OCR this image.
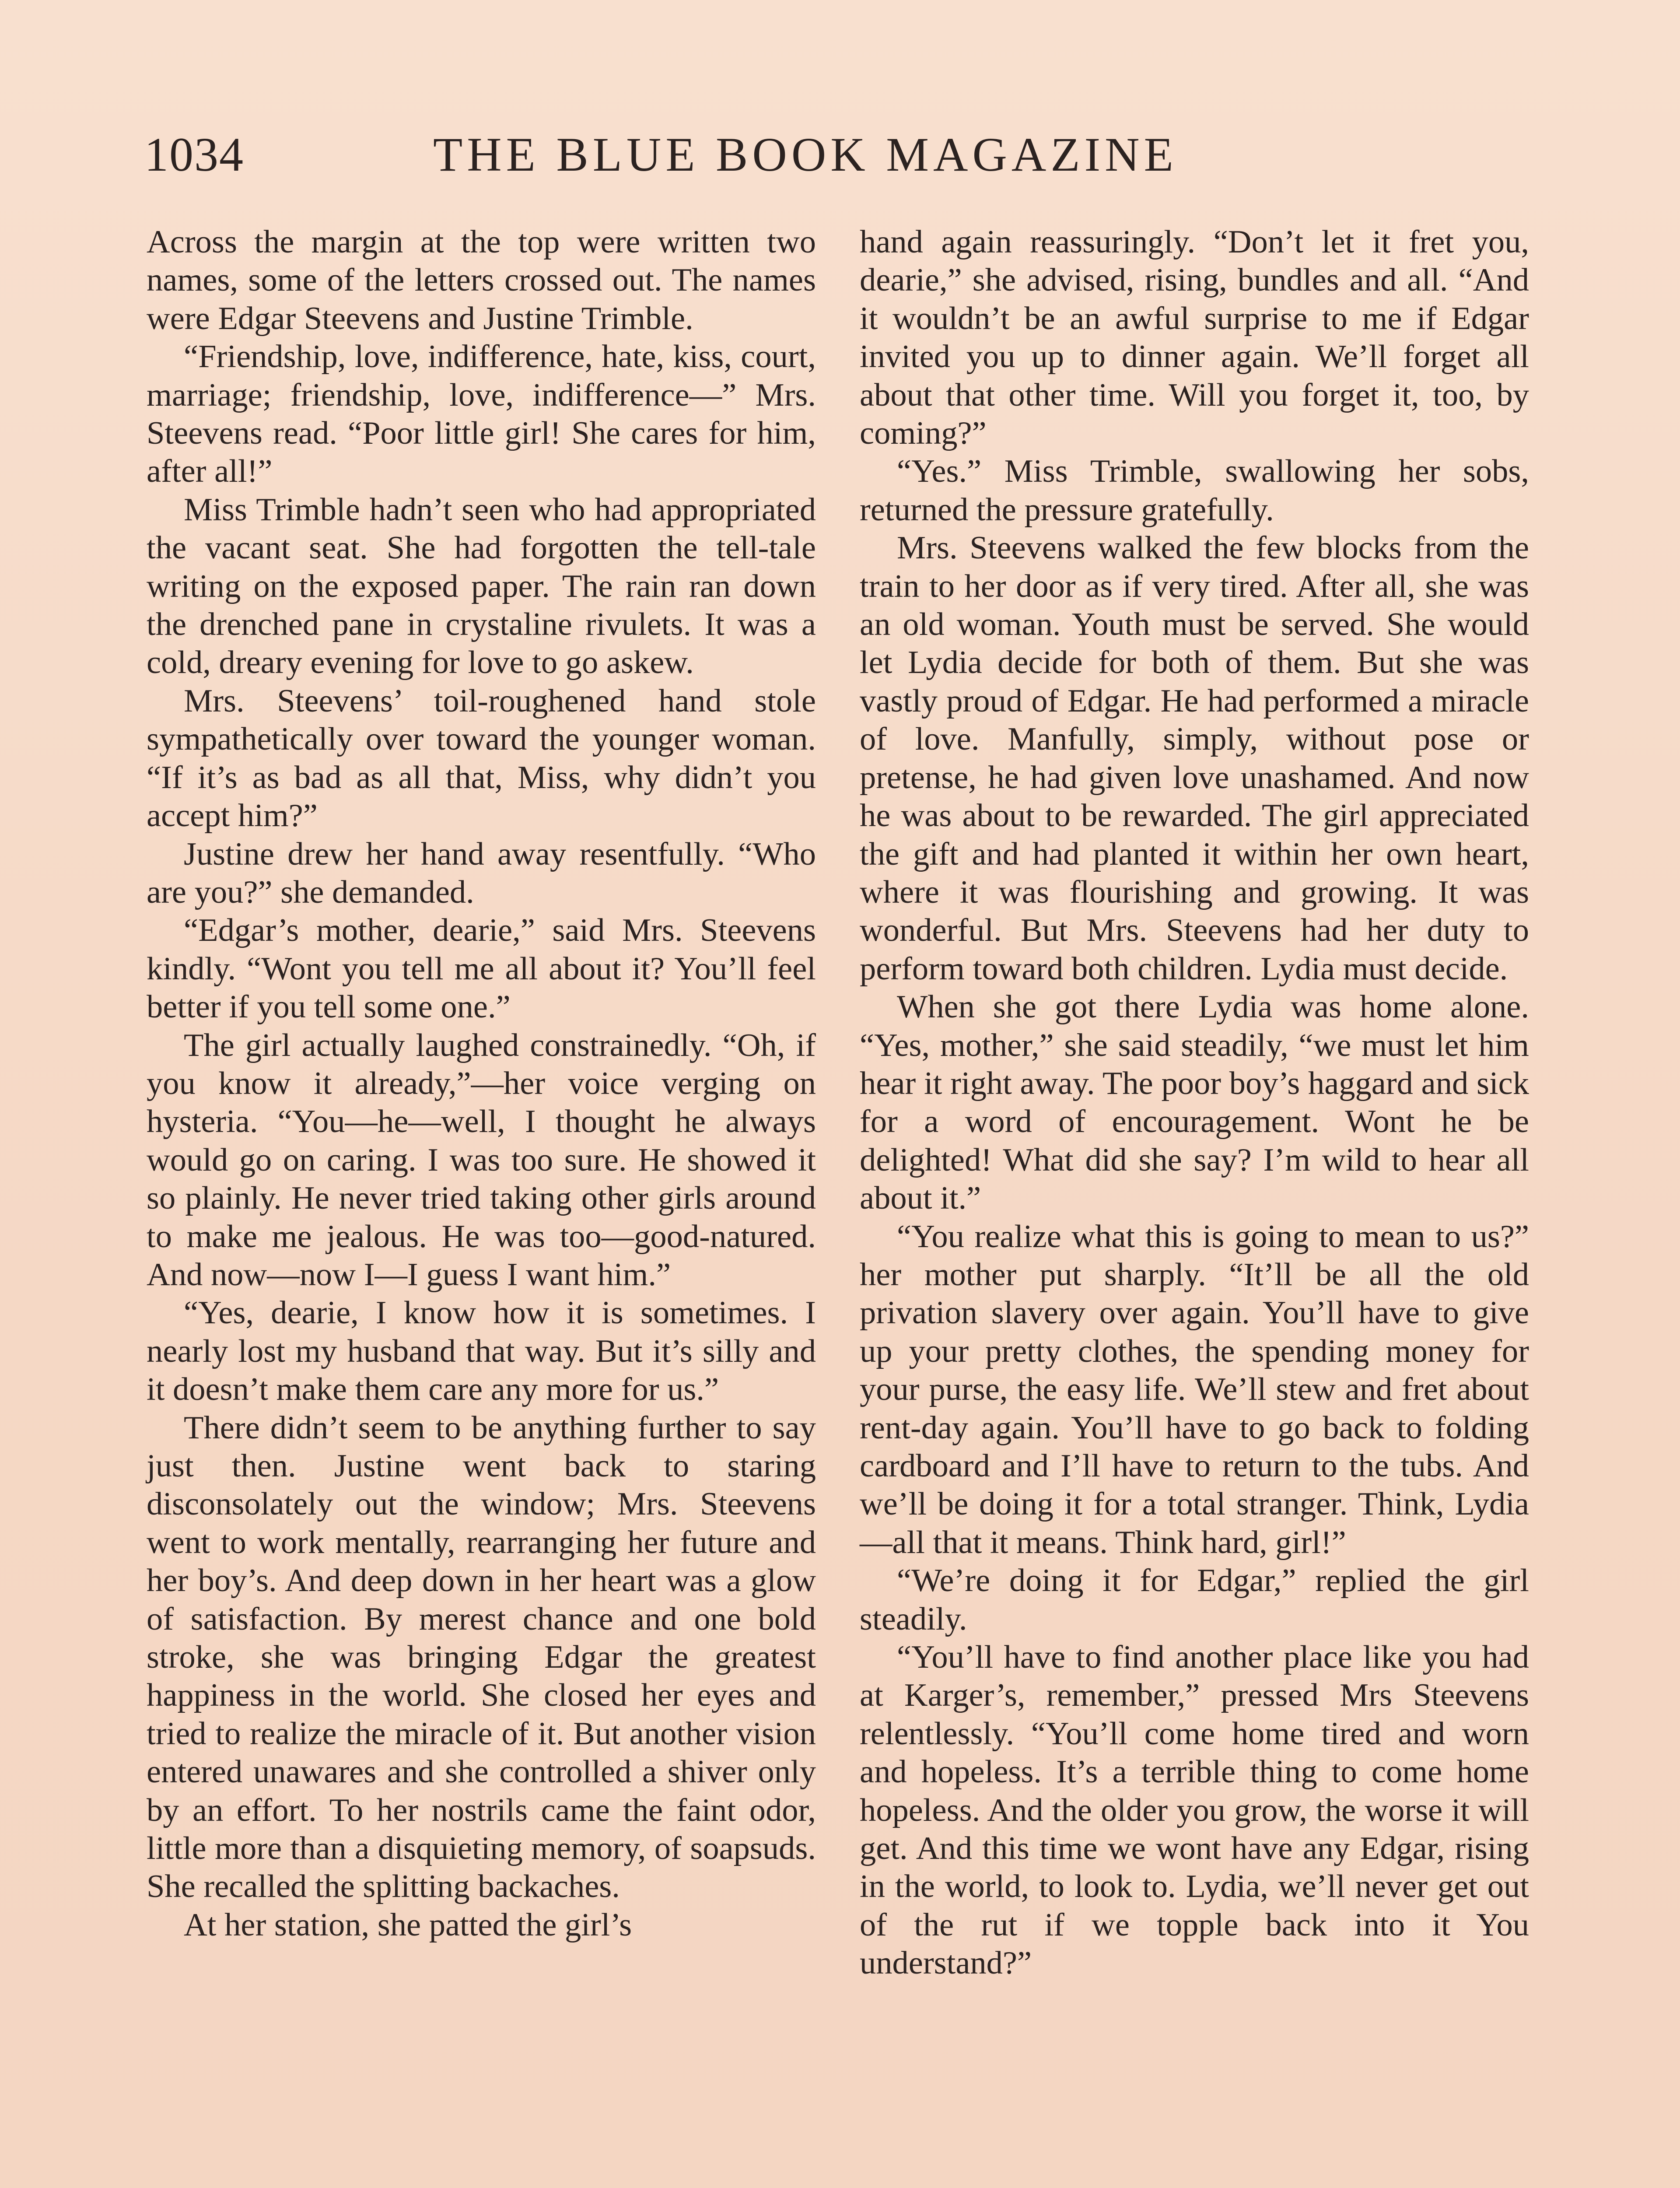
1034	THE BLUE BOOK MAGAZINE

Across the margin at the top were written two names, some of the letters crossed out. The names were Edgar Steevens and Justine Trimble.

“Friendship, love, indifference, hate, kiss, court, marriage; friendship, love, indifference—” Mrs. Steevens read. “Poor little girl! She cares for him, after all!”

Miss Trimble hadn’t seen who had appropriated the vacant seat. She had forgotten the tell-tale writing on the exposed paper. The rain ran down the drenched pane in crystaline rivulets. It was a cold, dreary evening for love to go askew.

Mrs. Steevens’ toil-roughened hand stole sympathetically over toward the younger woman. “If it’s as bad as all that, Miss, why didn’t you accept him?”

Justine drew her hand away resentfully. “Who are you?” she demanded.

“Edgar’s mother, dearie,” said Mrs. Steevens kindly. “Wont you tell me all about it? You’ll feel better if you tell some one.”

The girl actually laughed constrainedly. “Oh, if you know it already,”—her voice verging on hysteria. “You—he—well, I thought he always would go on caring. I was too sure. He showed it so plainly. He never tried taking other girls around to make me jealous. He was too—good-natured. And now—now I—I guess I want him.”

“Yes, dearie, I know how it is sometimes. I nearly lost my husband that way. But it’s silly and it doesn’t make them care any more for us.”

There didn’t seem to be anything further to say just then. Justine went back to staring disconsolately out the window; Mrs. Steevens went to work mentally, rearranging her future and her boy’s. And deep down in her heart was a glow of satisfaction. By merest chance and one bold stroke, she was bringing Edgar the greatest happiness in the world. She closed her eyes and tried to realize the miracle of it. But another vision entered unawares and she controlled a shiver only by an effort. To her nostrils came the faint odor, little more than a disquieting memory, of soapsuds. She recalled the splitting backaches.

At her station, she patted the girl’s

hand again reassuringly. “Don’t let it fret you, dearie,” she advised, rising, bundles and all. “And it wouldn’t be an awful surprise to me if Edgar invited you up to dinner again. We’ll forget all about that other time. Will you forget it, too, by coming?”

“Yes.” Miss Trimble, swallowing her sobs, returned the pressure gratefully.

Mrs. Steevens walked the few blocks from the train to her door as if very tired. After all, she was an old woman. Youth must be served. She would let Lydia decide for both of them. But she was vastly proud of Edgar. He had performed a miracle of love. Manfully, simply, without pose or pretense, he had given love unashamed. And now he was about to be rewarded. The girl appreciated the gift and had planted it within her own heart, where it was flourishing and growing. It was wonderful. But Mrs. Steevens had her duty to perform toward both children. Lydia must decide.

When she got there Lydia was home alone. “Yes, mother,” she said steadily, “we must let him hear it right away. The poor boy’s haggard and sick for a word of encouragement. Wont he be delighted! What did she say? I’m wild to hear all about it.”

“You realize what this is going to mean to us?” her mother put sharply. “It’ll be all the old privation slavery over again. You’ll have to give up your pretty clothes, the spending money for your purse, the easy life. We’ll stew and fret about rent-day again. You’ll have to go back to folding cardboard and I’ll have to return to the tubs. And we’ll be doing it for a total stranger. Think, Lydia—all that it means. Think hard, girl!”

“We’re doing it for Edgar,” replied the girl steadily.

“You’ll have to find another place like you had at Karger’s, remember,” pressed Mrs Steevens relentlessly. “You’ll come home tired and worn and hopeless. It’s a terrible thing to come home hopeless. And the older you grow, the worse it will get. And this time we wont have any Edgar, rising in the world, to look to. Lydia, we’ll never get out of the rut if we topple back into it You understand?”
